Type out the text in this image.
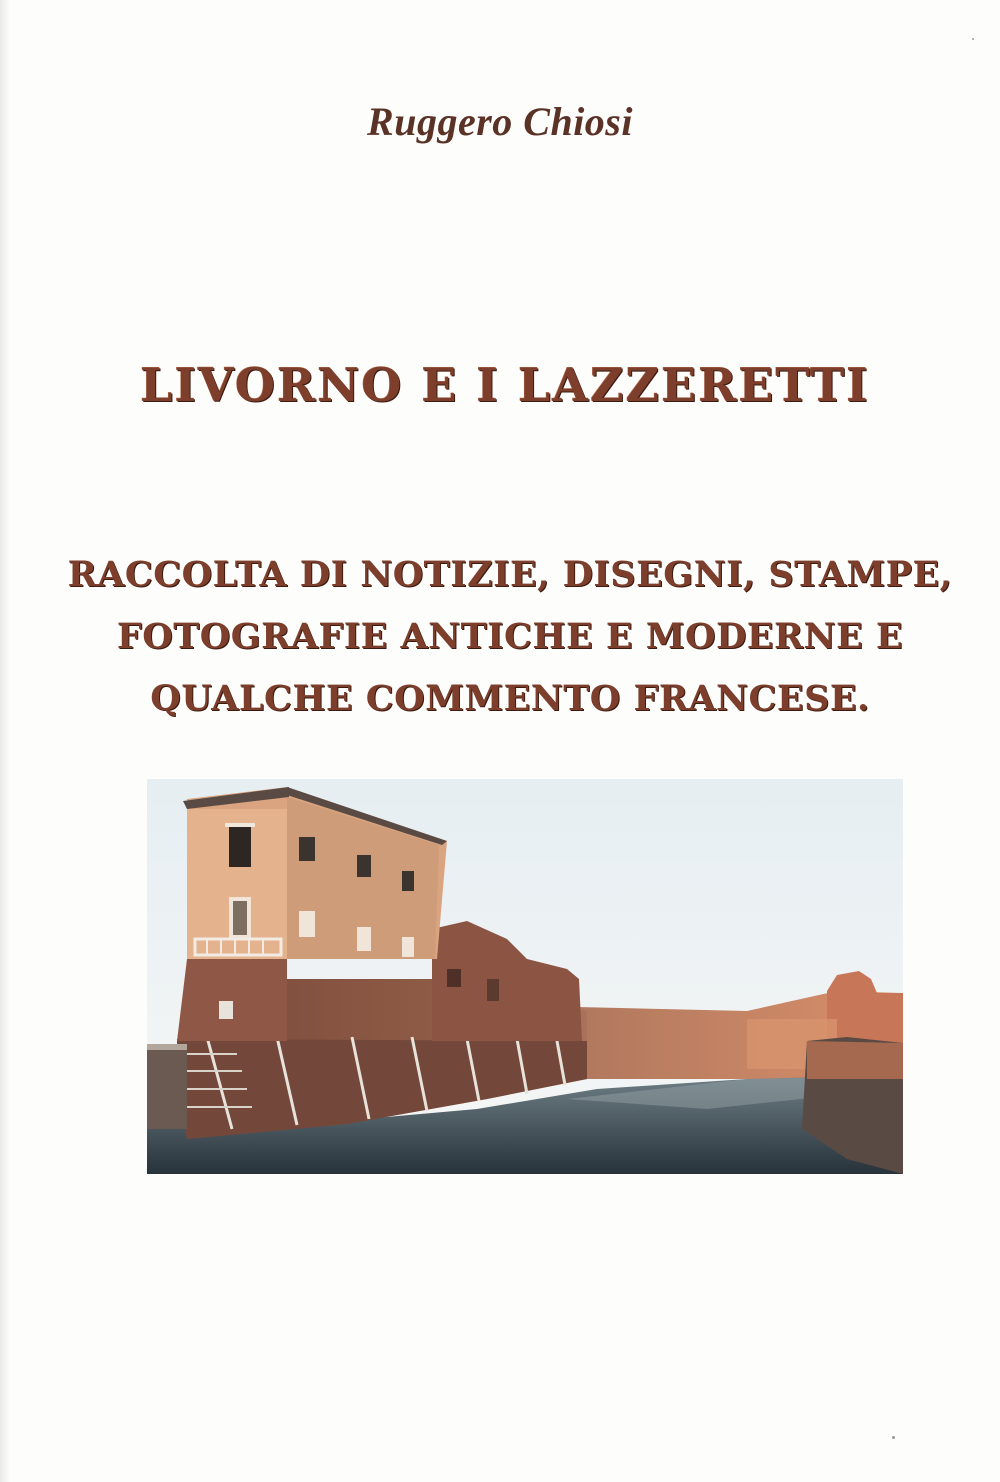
Ruggero Chiosi
LIVORNO E I LAZZERETTI
RACCOLTA DI NOTIZIE, DISEGNI, STAMPE,
FOTOGRAFIE ANTICHE E MODERNE E
QUALCHE COMMENTO FRANCESE.
